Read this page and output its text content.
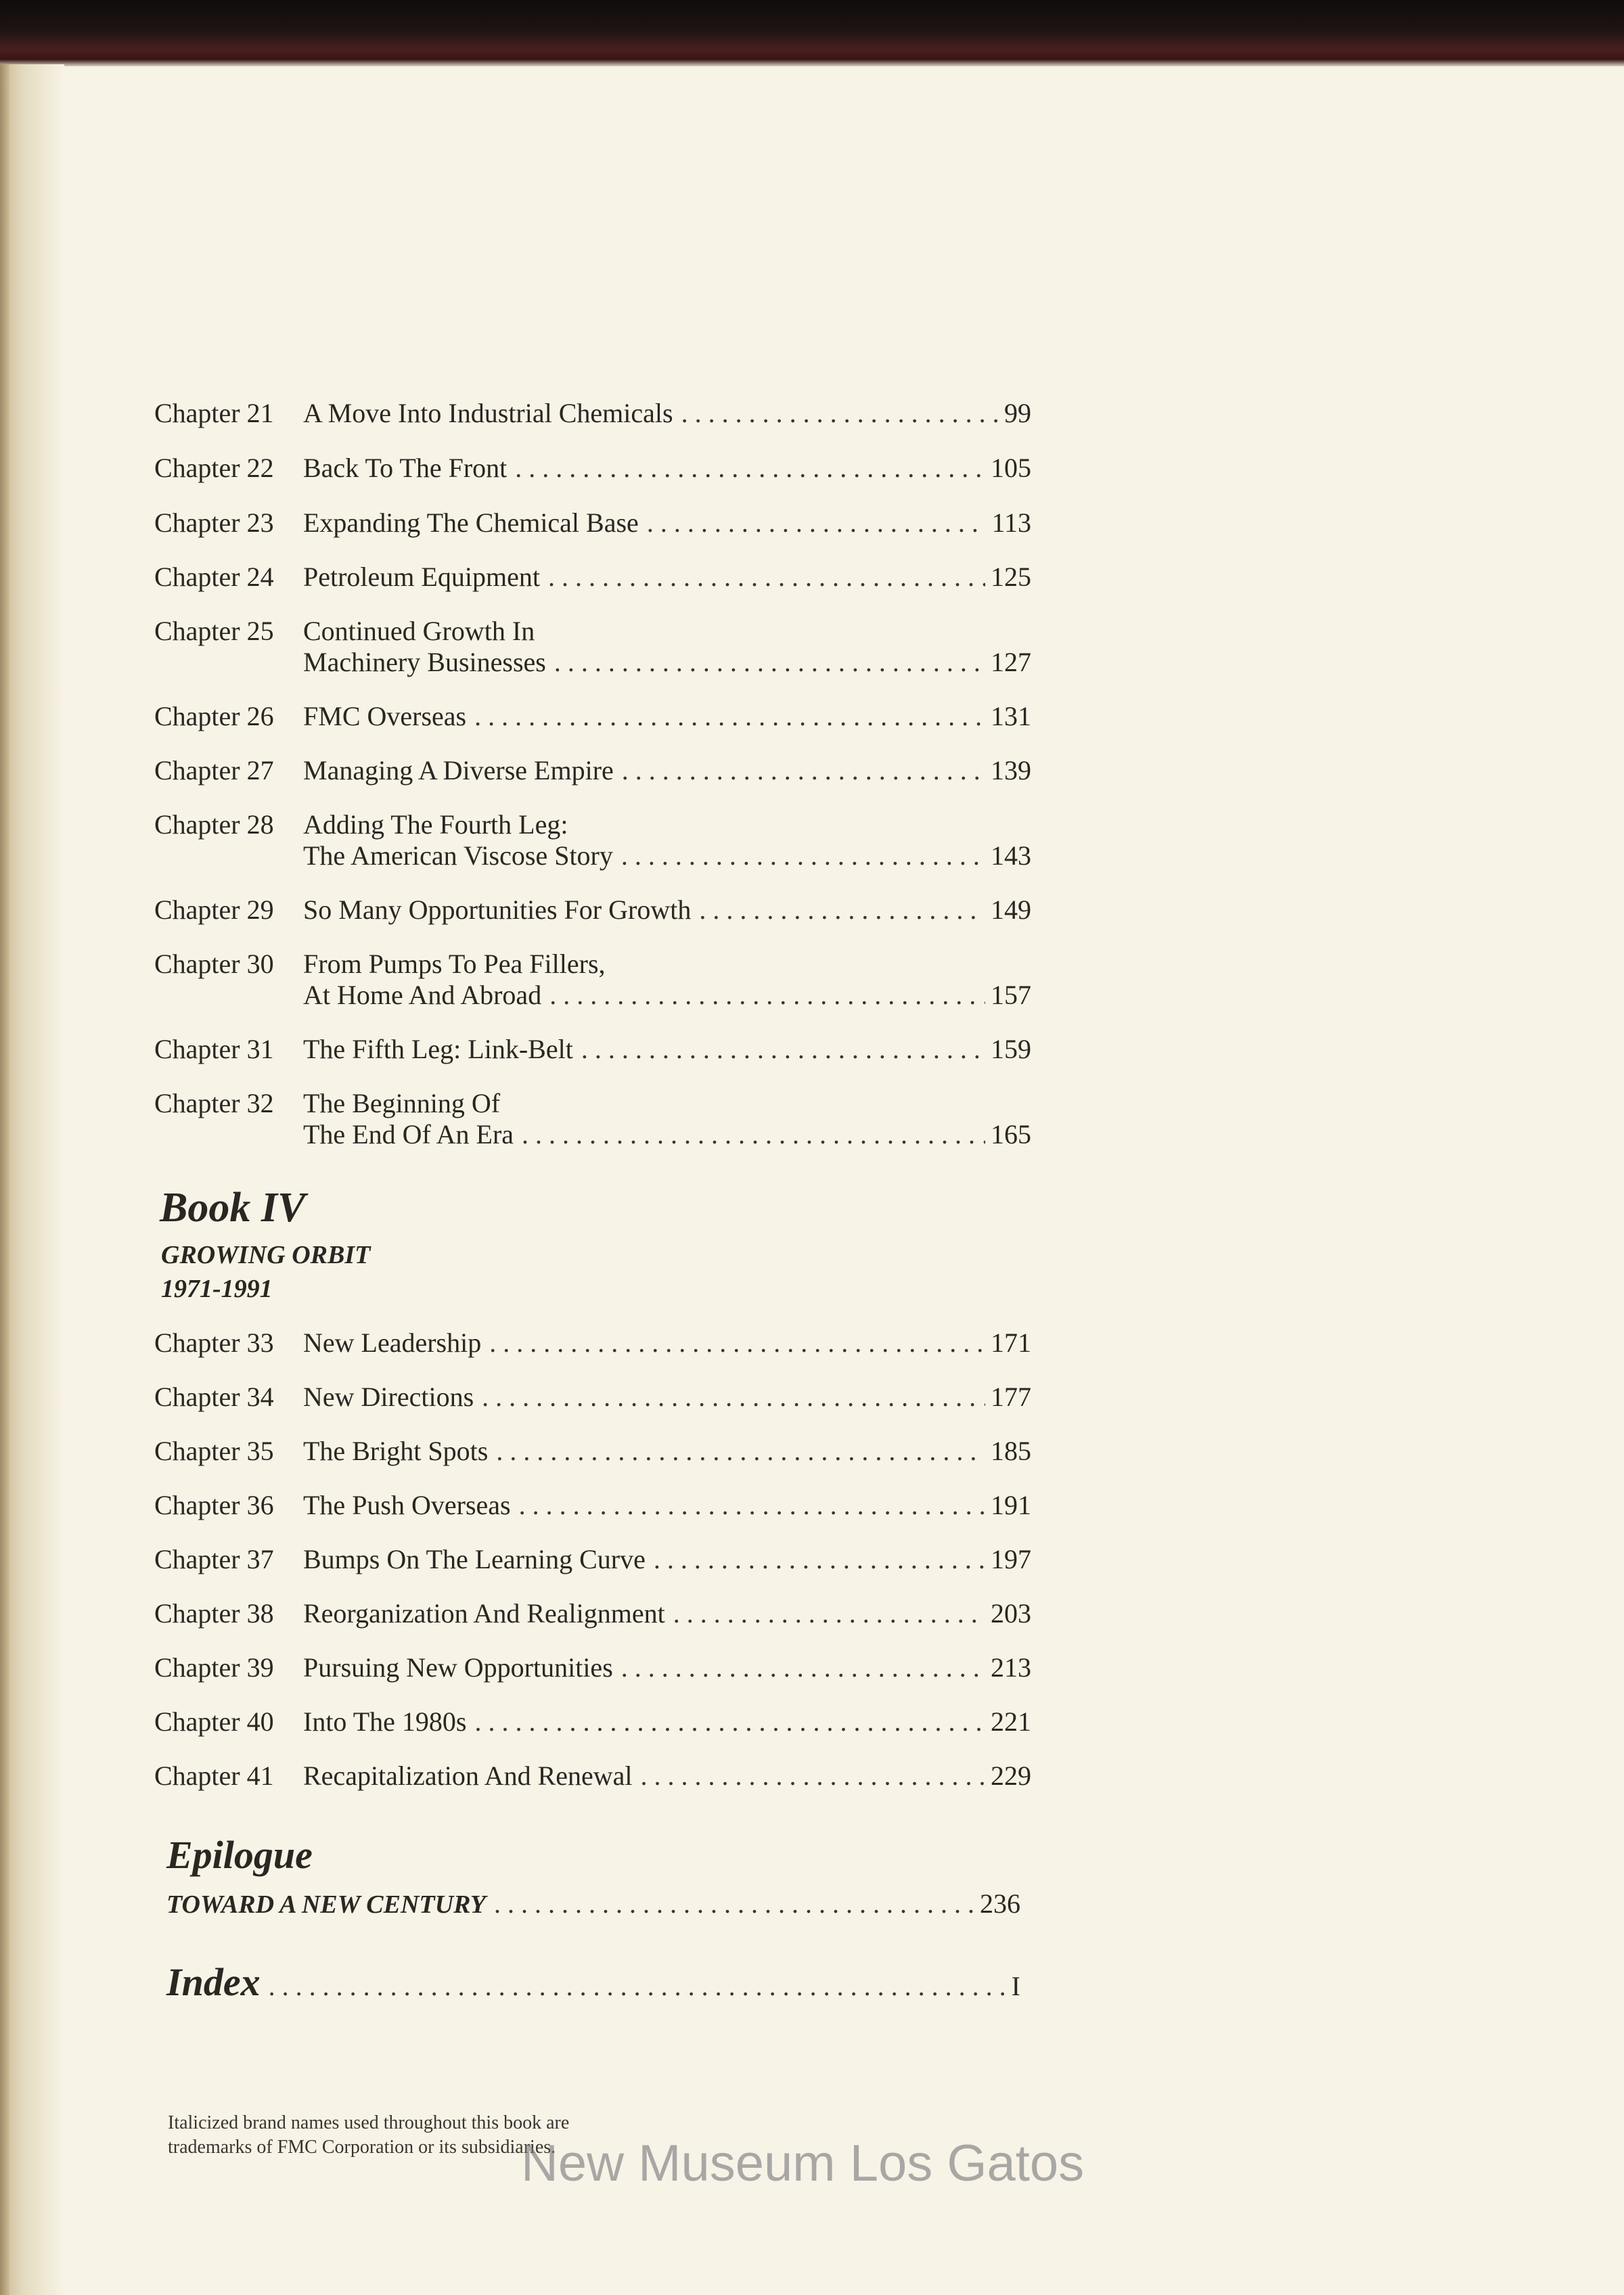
Chapter 21 A Move Into Industrial Chemicals .....	99
Chapter 22 Back To The Front .....	105
Chapter 23 Expanding The Chemical Base .....	113
Chapter 24 Petroleum Equipment .....	125
Chapter 25 Continued Growth In
Machinery Businesses .....	127
Chapter 26 FMC Overseas .....	131
Chapter 27 Managing A Diverse Empire .....	139
Chapter 28 Adding The Fourth Leg:
The American Viscose Story .....	143
Chapter 29 So Many Opportunities For Growth .....	149
Chapter 30 From Pumps To Pea Fillers,
At Home And Abroad .....	157
Chapter 31 The Fifth Leg: Link-Belt .....	159
Chapter 32 The Beginning Of
The End Of An Era .....	165
Book IV
GROWING ORBIT
1971-1991
Chapter 33 New Leadership .....	171
Chapter 34 New Directions .....	177
Chapter 35 The Bright Spots .....	185
Chapter 36 The Push Overseas .....	191
Chapter 37 Bumps On The Learning Curve .....	197
Chapter 38 Reorganization And Realignment .....	203
Chapter 39 Pursuing New Opportunities .....	213
Chapter 40 Into The 1980s .....	221
Chapter 41 Recapitalization And Renewal .....	229
Epilogue
TOWARD A NEW CENTURY .....	236
Index .....	I
Italicized brand names used throughout this book are
trademarks of FMC Corporation or its subsidiaries.
New Museum Los Gatos
